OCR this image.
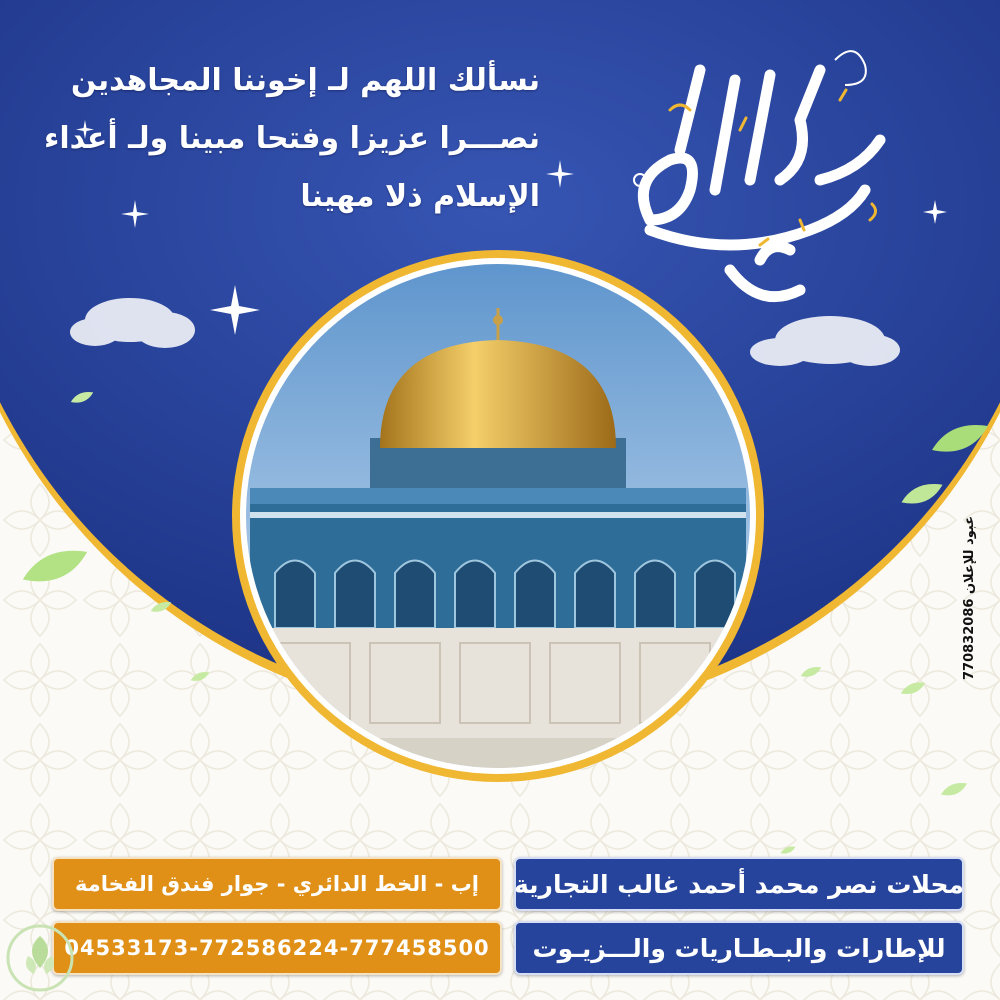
نسألك اللهم لـ إخوننا المجاهدين
نصـــرا عزيزا وفتحا مبينا ولـ أعداء
الإسلام ذلا مهينا
عبود للإعلان 770832086
محلات نصر محمد أحمد غالب التجارية
للإطارات والبـطـاريات والـــزيـوت
إب - الخط الدائري - جوار فندق الفخامة
04533173-772586224-777458500
